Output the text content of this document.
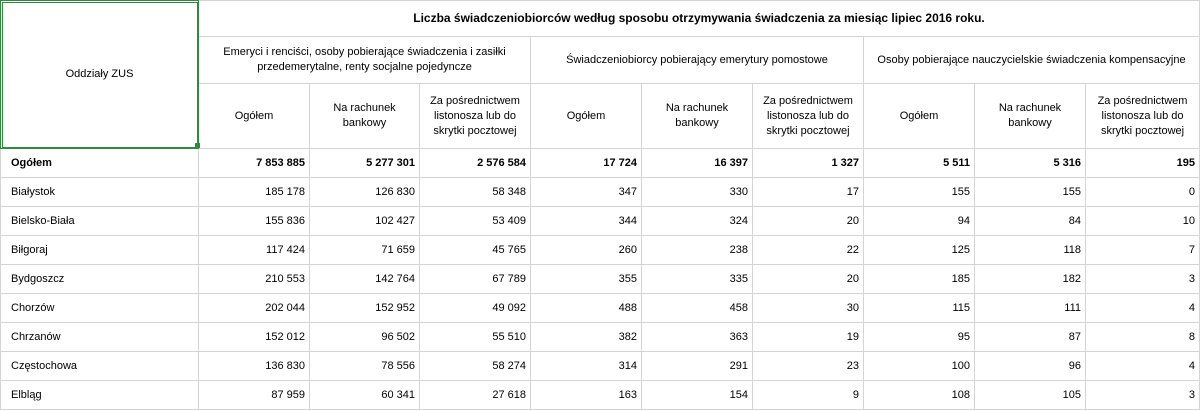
Oddziały ZUS	Liczba świadczeniobiorców według sposobu otrzymywania świadczenia za miesiąc lipiec 2016 roku.								
	Emeryci i renciści, osoby pobierające świadczenia i zasiłki przedemerytalne, renty socjalne pojedyncze			Świadczeniobiorcy pobierający emerytury pomostowe			Osoby pobierające nauczycielskie świadczenia kompensacyjne		
	Ogółem	Na rachunek bankowy	Za pośrednictwem listonosza lub do skrytki pocztowej	Ogółem	Na rachunek bankowy	Za pośrednictwem listonosza lub do skrytki pocztowej	Ogółem	Na rachunek bankowy	Za pośrednictwem listonosza lub do skrytki pocztowej
Ogółem	7 853 885	5 277 301	2 576 584	17 724	16 397	1 327	5 511	5 316	195
Białystok	185 178	126 830	58 348	347	330	17	155	155	0
Bielsko-Biała	155 836	102 427	53 409	344	324	20	94	84	10
Biłgoraj	117 424	71 659	45 765	260	238	22	125	118	7
Bydgoszcz	210 553	142 764	67 789	355	335	20	185	182	3
Chorzów	202 044	152 952	49 092	488	458	30	115	111	4
Chrzanów	152 012	96 502	55 510	382	363	19	95	87	8
Częstochowa	136 830	78 556	58 274	314	291	23	100	96	4
Elbląg	87 959	60 341	27 618	163	154	9	108	105	3
